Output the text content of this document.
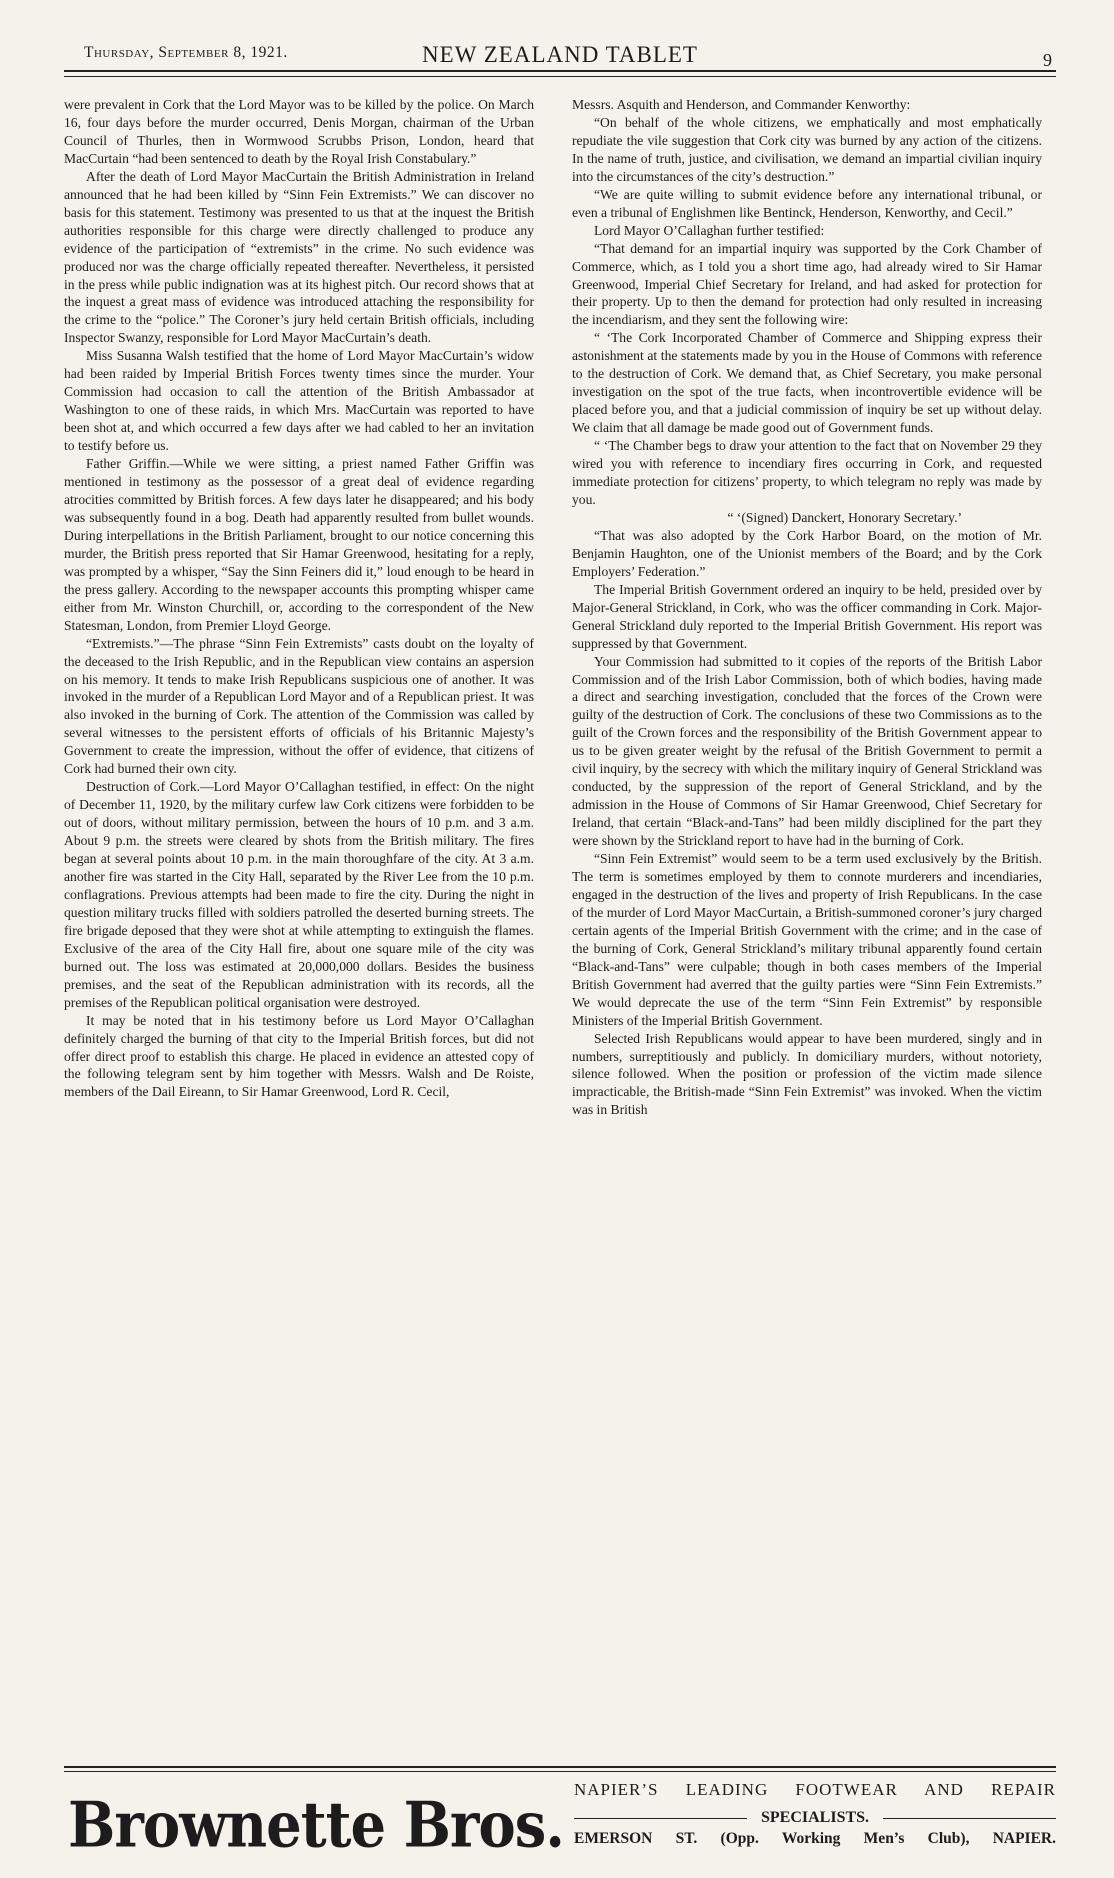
Thursday, September 8, 1921.	NEW ZEALAND TABLET	9

were prevalent in Cork that the Lord Mayor was to be killed by the police. On March 16, four days before the murder occurred, Denis Morgan, chairman of the Urban Council of Thurles, then in Wormwood Scrubbs Prison, London, heard that MacCurtain “had been sentenced to death by the Royal Irish Constabulary.”

After the death of Lord Mayor MacCurtain the British Administration in Ireland announced that he had been killed by “Sinn Fein Extremists.” We can discover no basis for this statement. Testimony was presented to us that at the inquest the British authorities responsible for this charge were directly challenged to produce any evidence of the participation of “extremists” in the crime. No such evidence was produced nor was the charge officially repeated thereafter. Nevertheless, it persisted in the press while public indignation was at its highest pitch. Our record shows that at the inquest a great mass of evidence was introduced attaching the responsibility for the crime to the “police.” The Coroner’s jury held certain British officials, including Inspector Swanzy, responsible for Lord Mayor MacCurtain’s death.

Miss Susanna Walsh testified that the home of Lord Mayor MacCurtain’s widow had been raided by Imperial British Forces twenty times since the murder. Your Commission had occasion to call the attention of the British Ambassador at Washington to one of these raids, in which Mrs. MacCurtain was reported to have been shot at, and which occurred a few days after we had cabled to her an invitation to testify before us.

Father Griffin.—While we were sitting, a priest named Father Griffin was mentioned in testimony as the possessor of a great deal of evidence regarding atrocities committed by British forces. A few days later he disappeared; and his body was subsequently found in a bog. Death had apparently resulted from bullet wounds. During interpellations in the British Parliament, brought to our notice concerning this murder, the British press reported that Sir Hamar Greenwood, hesitating for a reply, was prompted by a whisper, “Say the Sinn Feiners did it,” loud enough to be heard in the press gallery. According to the newspaper accounts this prompting whisper came either from Mr. Winston Churchill, or, according to the correspondent of the New Statesman, London, from Premier Lloyd George.

“Extremists.”—The phrase “Sinn Fein Extremists” casts doubt on the loyalty of the deceased to the Irish Republic, and in the Republican view contains an aspersion on his memory. It tends to make Irish Republicans suspicious one of another. It was invoked in the murder of a Republican Lord Mayor and of a Republican priest. It was also invoked in the burning of Cork. The attention of the Commission was called by several witnesses to the persistent efforts of officials of his Britannic Majesty’s Government to create the impression, without the offer of evidence, that citizens of Cork had burned their own city.

Destruction of Cork.—Lord Mayor O’Callaghan testified, in effect: On the night of December 11, 1920, by the military curfew law Cork citizens were forbidden to be out of doors, without military permission, between the hours of 10 p.m. and 3 a.m. About 9 p.m. the streets were cleared by shots from the British military. The fires began at several points about 10 p.m. in the main thoroughfare of the city. At 3 a.m. another fire was started in the City Hall, separated by the River Lee from the 10 p.m. conflagrations. Previous attempts had been made to fire the city. During the night in question military trucks filled with soldiers patrolled the deserted burning streets. The fire brigade deposed that they were shot at while attempting to extinguish the flames. Exclusive of the area of the City Hall fire, about one square mile of the city was burned out. The loss was estimated at 20,000,000 dollars. Besides the business premises, and the seat of the Republican administration with its records, all the premises of the Republican political organisation were destroyed.

It may be noted that in his testimony before us Lord Mayor O’Callaghan definitely charged the burning of that city to the Imperial British forces, but did not offer direct proof to establish this charge. He placed in evidence an attested copy of the following telegram sent by him together with Messrs. Walsh and De Roiste, members of the Dail Eireann, to Sir Hamar Greenwood, Lord R. Cecil,

Messrs. Asquith and Henderson, and Commander Kenworthy:

“On behalf of the whole citizens, we emphatically and most emphatically repudiate the vile suggestion that Cork city was burned by any action of the citizens. In the name of truth, justice, and civilisation, we demand an impartial civilian inquiry into the circumstances of the city’s destruction.”

“We are quite willing to submit evidence before any international tribunal, or even a tribunal of Englishmen like Bentinck, Henderson, Kenworthy, and Cecil.”

Lord Mayor O’Callaghan further testified:

“That demand for an impartial inquiry was supported by the Cork Chamber of Commerce, which, as I told you a short time ago, had already wired to Sir Hamar Greenwood, Imperial Chief Secretary for Ireland, and had asked for protection for their property. Up to then the demand for protection had only resulted in increasing the incendiarism, and they sent the following wire:

“ ‘The Cork Incorporated Chamber of Commerce and Shipping express their astonishment at the statements made by you in the House of Commons with reference to the destruction of Cork. We demand that, as Chief Secretary, you make personal investigation on the spot of the true facts, when incontrovertible evidence will be placed before you, and that a judicial commission of inquiry be set up without delay. We claim that all damage be made good out of Government funds.

“ ‘The Chamber begs to draw your attention to the fact that on November 29 they wired you with reference to incendiary fires occurring in Cork, and requested immediate protection for citizens’ property, to which telegram no reply was made by you.

“ ‘(Signed) Danckert, Honorary Secretary.’

“That was also adopted by the Cork Harbor Board, on the motion of Mr. Benjamin Haughton, one of the Unionist members of the Board; and by the Cork Employers’ Federation.”

The Imperial British Government ordered an inquiry to be held, presided over by Major-General Strickland, in Cork, who was the officer commanding in Cork. Major-General Strickland duly reported to the Imperial British Government. His report was suppressed by that Government.

Your Commission had submitted to it copies of the reports of the British Labor Commission and of the Irish Labor Commission, both of which bodies, having made a direct and searching investigation, concluded that the forces of the Crown were guilty of the destruction of Cork. The conclusions of these two Commissions as to the guilt of the Crown forces and the responsibility of the British Government appear to us to be given greater weight by the refusal of the British Government to permit a civil inquiry, by the secrecy with which the military inquiry of General Strickland was conducted, by the suppression of the report of General Strickland, and by the admission in the House of Commons of Sir Hamar Greenwood, Chief Secretary for Ireland, that certain “Black-and-Tans” had been mildly disciplined for the part they were shown by the Strickland report to have had in the burning of Cork.

“Sinn Fein Extremist” would seem to be a term used exclusively by the British. The term is sometimes employed by them to connote murderers and incendiaries, engaged in the destruction of the lives and property of Irish Republicans. In the case of the murder of Lord Mayor MacCurtain, a British-summoned coroner’s jury charged certain agents of the Imperial British Government with the crime; and in the case of the burning of Cork, General Strickland’s military tribunal apparently found certain “Black-and-Tans” were culpable; though in both cases members of the Imperial British Government had averred that the guilty parties were “Sinn Fein Extremists.” We would deprecate the use of the term “Sinn Fein Extremist” by responsible Ministers of the Imperial British Government.

Selected Irish Republicans would appear to have been murdered, singly and in numbers, surreptitiously and publicly. In domiciliary murders, without notoriety, silence followed. When the position or profession of the victim made silence impracticable, the British-made “Sinn Fein Extremist” was invoked. When the victim was in British

Brownette Bros. NAPIER’S LEADING FOOTWEAR AND REPAIR
SPECIALISTS.
EMERSON ST. (Opp. Working Men’s Club), NAPIER.
